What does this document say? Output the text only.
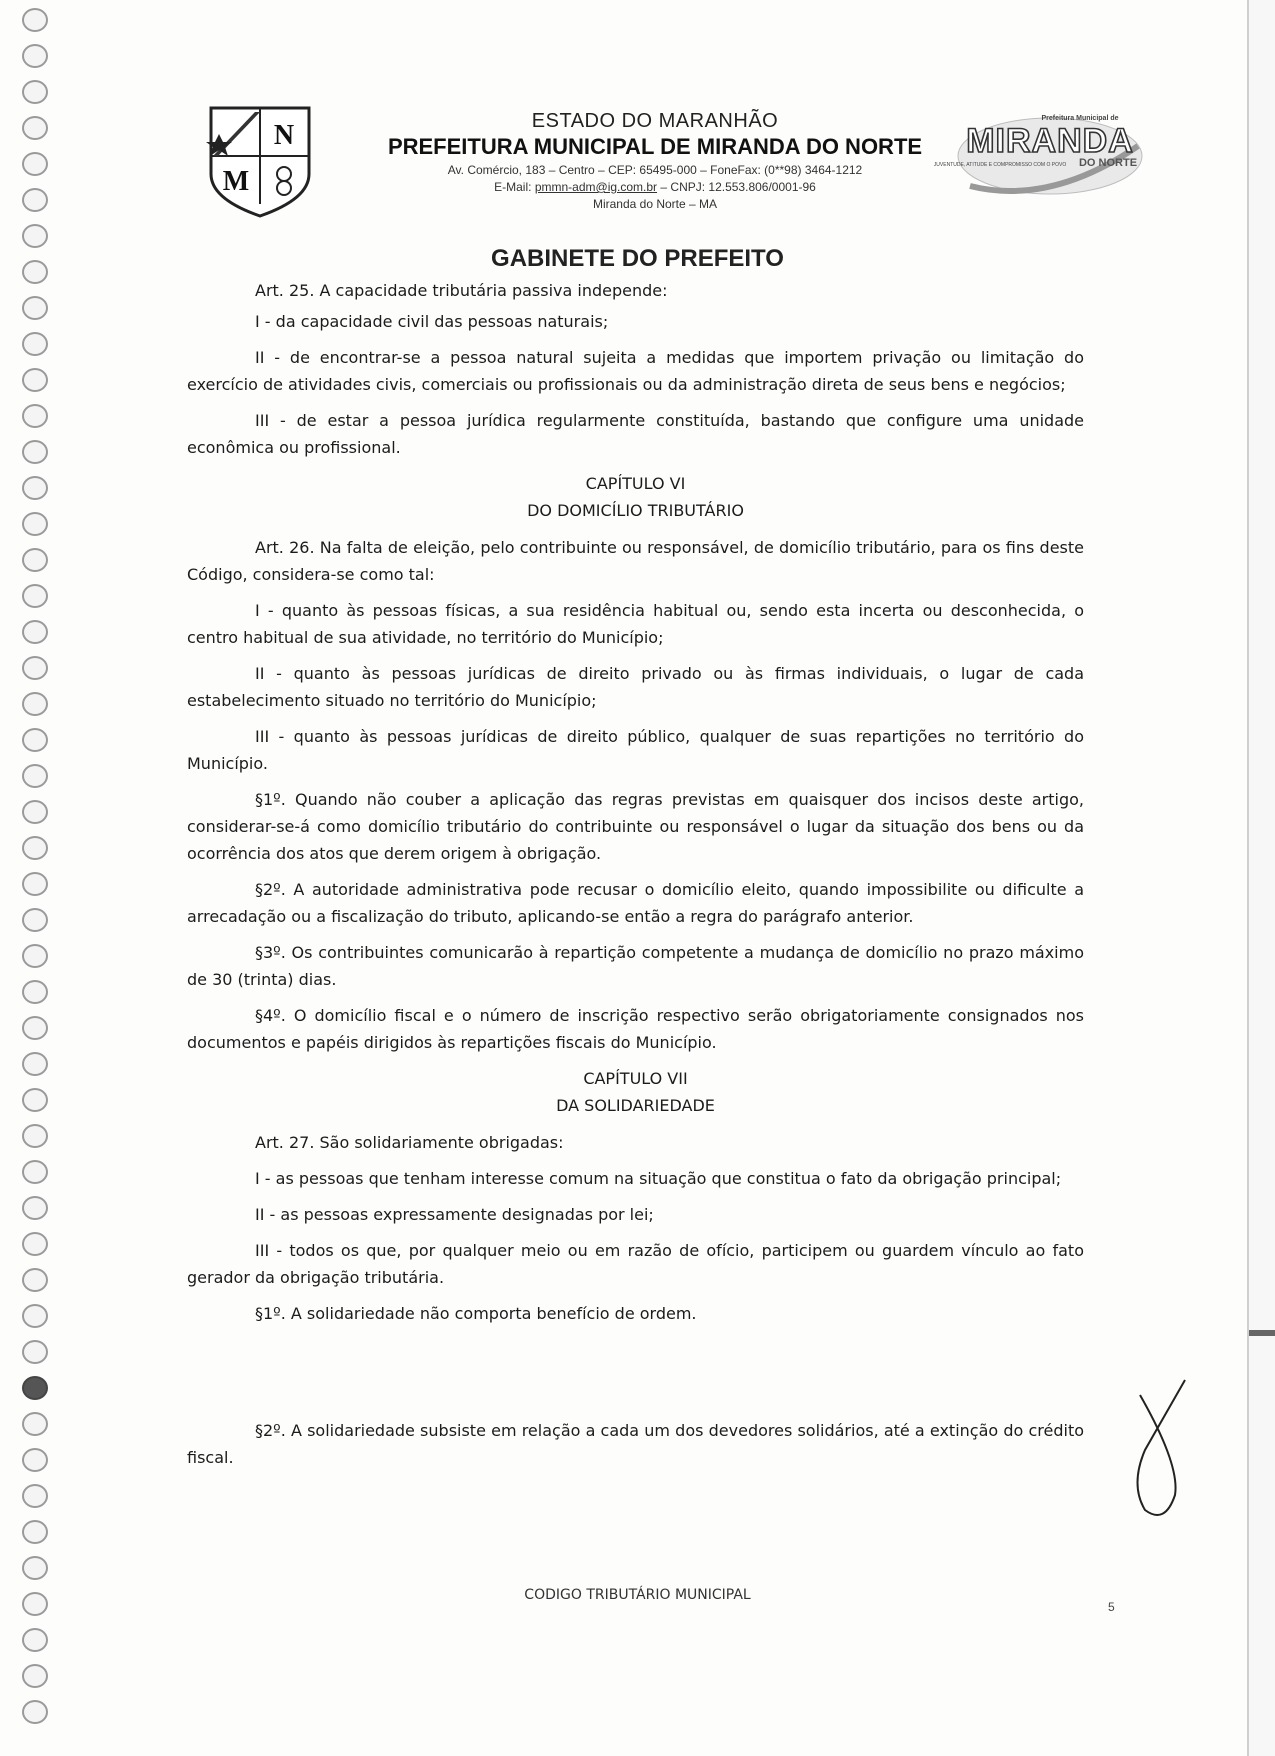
N
M
ESTADO DO MARANHÃO
PREFEITURA MUNICIPAL DE MIRANDA DO NORTE
Av. Comércio, 183 – Centro – CEP: 65495-000 – FoneFax: (0**98) 3464-1212
E-Mail: pmmn-adm@ig.com.br – CNPJ: 12.553.806/0001-96
Miranda do Norte – MA
Prefeitura Municipal de
MIRANDA
DO NORTE
JUVENTUDE, ATITUDE E COMPROMISSO COM O POVO
GABINETE DO PREFEITO

Art. 25. A capacidade tributária passiva independe:

I - da capacidade civil das pessoas naturais;

II - de encontrar-se a pessoa natural sujeita a medidas que importem privação ou limitação do exercício de atividades civis, comerciais ou profissionais ou da administração direta de seus bens e negócios;

III - de estar a pessoa jurídica regularmente constituída, bastando que configure uma unidade econômica ou profissional.

CAPÍTULO VI
DO DOMICÍLIO TRIBUTÁRIO

Art. 26. Na falta de eleição, pelo contribuinte ou responsável, de domicílio tributário, para os fins deste Código, considera-se como tal:

I - quanto às pessoas físicas, a sua residência habitual ou, sendo esta incerta ou desconhecida, o centro habitual de sua atividade, no território do Município;

II - quanto às pessoas jurídicas de direito privado ou às firmas individuais, o lugar de cada estabelecimento situado no território do Município;

III - quanto às pessoas jurídicas de direito público, qualquer de suas repartições no território do Município.

§1º. Quando não couber a aplicação das regras previstas em quaisquer dos incisos deste artigo, considerar-se-á como domicílio tributário do contribuinte ou responsável o lugar da situação dos bens ou da ocorrência dos atos que derem origem à obrigação.

§2º. A autoridade administrativa pode recusar o domicílio eleito, quando impossibilite ou dificulte a arrecadação ou a fiscalização do tributo, aplicando-se então a regra do parágrafo anterior.

§3º. Os contribuintes comunicarão à repartição competente a mudança de domicílio no prazo máximo de 30 (trinta) dias.

§4º. O domicílio fiscal e o número de inscrição respectivo serão obrigatoriamente consignados nos documentos e papéis dirigidos às repartições fiscais do Município.

CAPÍTULO VII
DA SOLIDARIEDADE

Art. 27. São solidariamente obrigadas:

I - as pessoas que tenham interesse comum na situação que constitua o fato da obrigação principal;

II - as pessoas expressamente designadas por lei;

III - todos os que, por qualquer meio ou em razão de ofício, participem ou guardem vínculo ao fato gerador da obrigação tributária.

§1º. A solidariedade não comporta benefício de ordem.

§2º. A solidariedade subsiste em relação a cada um dos devedores solidários, até a extinção do crédito fiscal.

CODIGO TRIBUTÁRIO MUNICIPAL
5
